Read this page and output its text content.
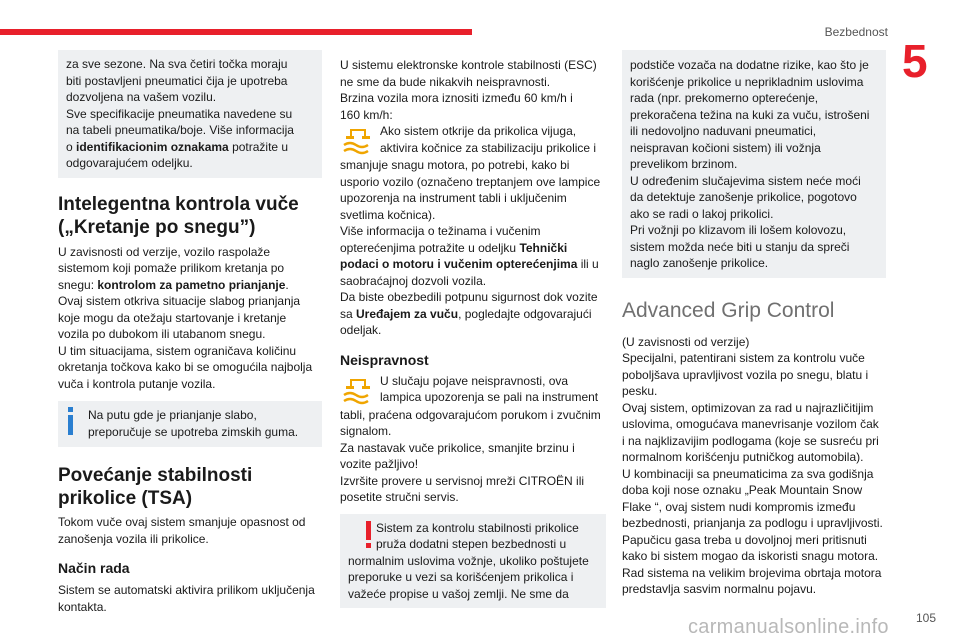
Bezbednost
5
za sve sezone. Na sva četiri točka moraju
biti postavljeni pneumatici čija je upotreba
dozvoljena na vašem vozilu.
Sve specifikacije pneumatika navedene su
na tabeli pneumatika/boje. Više informacija
o identifikacionim oznakama potražite u
odgovarajućem odeljku.
Intelegentna kontrola vuče
(„Kretanje po snegu”)
U zavisnosti od verzije, vozilo raspolaže
sistemom koji pomaže prilikom kretanja po
snegu: kontrolom za pametno prianjanje.
Ovaj sistem otkriva situacije slabog prianjanja
koje mogu da otežaju startovanje i kretanje
vozila po dubokom ili utabanom snegu.
U tim situacijama, sistem ograničava količinu
okretanja točkova kako bi se omogućila najbolja
vuča i kontrola putanje vozila.
Na putu gde je prianjanje slabo,
preporučuje se upotreba zimskih guma.
Povećanje stabilnosti
prikolice (TSA)
Tokom vuče ovaj sistem smanjuje opasnost od
zanošenja vozila ili prikolice.
Način rada
Sistem se automatski aktivira prilikom uključenja
kontakta.
U sistemu elektronske kontrole stabilnosti (ESC)
ne sme da bude nikakvih neispravnosti.
Brzina vozila mora iznositi između 60 km/h i
160 km/h:
Ako sistem otkrije da prikolica vijuga,
aktivira kočnice za stabilizaciju prikolice i
smanjuje snagu motora, po potrebi, kako bi
usporio vozilo (označeno treptanjem ove lampice
upozorenja na instrument tabli i uključenim
svetlima kočnica).
Više informacija o težinama i vučenim
opterećenjima potražite u odeljku Tehnički
podaci o motoru i vučenim opterećenjima ili u
saobraćajnoj dozvoli vozila.
Da biste obezbedili potpunu sigurnost dok vozite
sa Uređajem za vuču, pogledajte odgovarajući
odeljak.
Neispravnost
U slučaju pojave neispravnosti, ova
lampica upozorenja se pali na instrument
tabli, praćena odgovarajućom porukom i zvučnim
signalom.
Za nastavak vuče prikolice, smanjite brzinu i
vozite pažljivo!
Izvršite provere u servisnoj mreži CITROËN ili
posetite stručni servis.
Sistem za kontrolu stabilnosti prikolice
pruža dodatni stepen bezbednosti u
normalnim uslovima vožnje, ukoliko poštujete
preporuke u vezi sa korišćenjem prikolica i
važeće propise u vašoj zemlji. Ne sme da
podstiče vozača na dodatne rizike, kao što je
korišćenje prikolice u neprikladnim uslovima
rada (npr. prekomerno opterećenje,
prekoračena težina na kuki za vuču, istrošeni
ili nedovoljno naduvani pneumatici,
neispravan kočioni sistem) ili vožnja
prevelikom brzinom.
U određenim slučajevima sistem neće moći
da detektuje zanošenje prikolice, pogotovo
ako se radi o lakoj prikolici.
Pri vožnji po klizavom ili lošem kolovozu,
sistem možda neće biti u stanju da spreči
naglo zanošenje prikolice.
Advanced Grip Control
(U zavisnosti od verzije)
Specijalni, patentirani sistem za kontrolu vuče
poboljšava upravljivost vozila po snegu, blatu i
pesku.
Ovaj sistem, optimizovan za rad u najrazličitijim
uslovima, omogućava manevrisanje vozilom čak
i na najklizavijim podlogama (koje se susreću pri
normalnom korišćenju putničkog automobila).
U kombinaciji sa pneumaticima za sva godišnja
doba koji nose oznaku „Peak Mountain Snow
Flake “, ovaj sistem nudi kompromis između
bezbednosti, prianjanja za podlogu i upravljivosti.
Papučicu gasa treba u dovoljnoj meri pritisnuti
kako bi sistem mogao da iskoristi snagu motora.
Rad sistema na velikim brojevima obrtaja motora
predstavlja sasvim normalnu pojavu.
105
carmanualsonline.info
